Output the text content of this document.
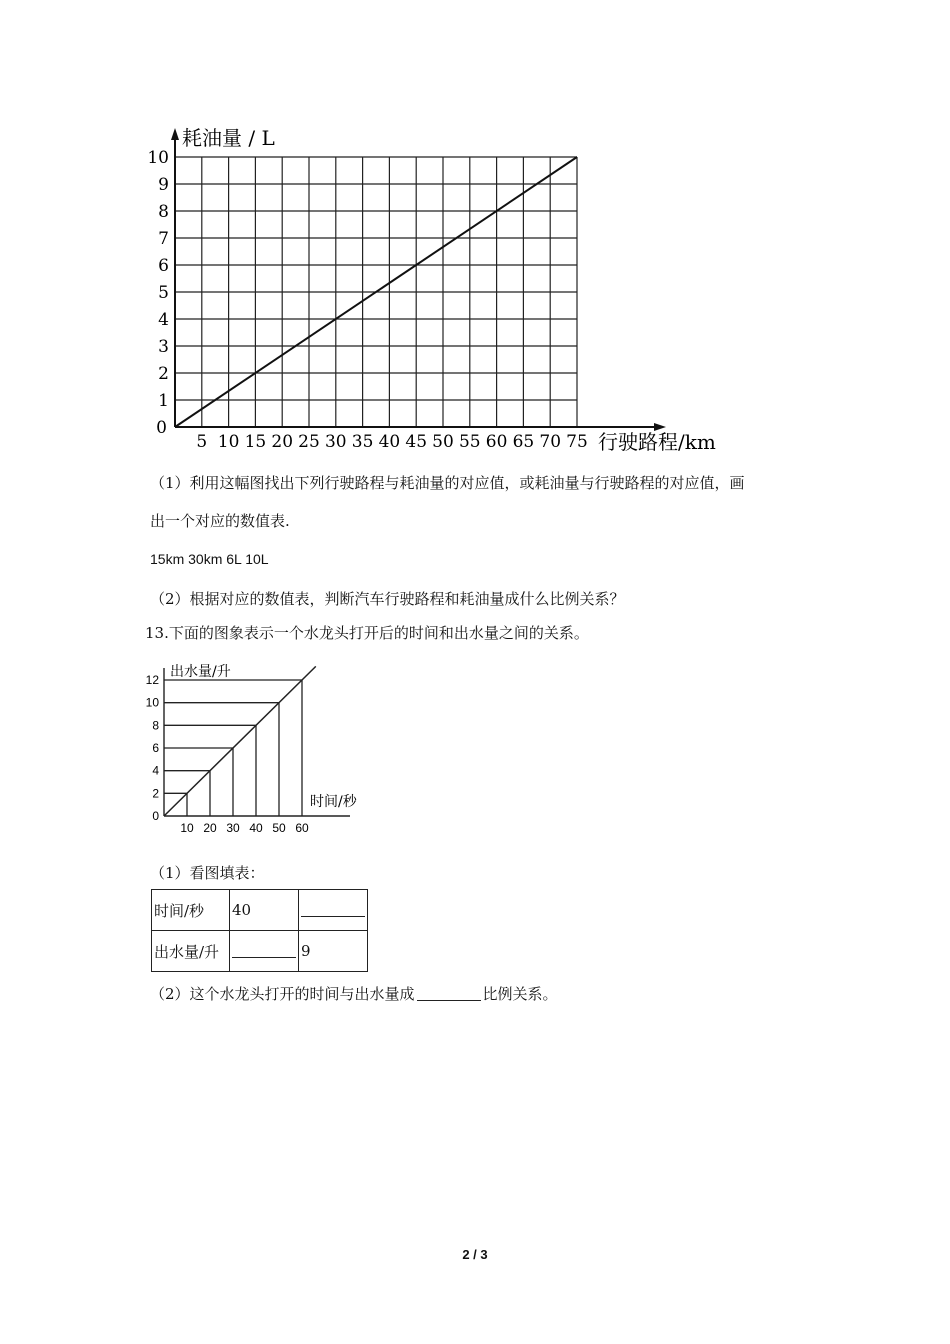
5 10 15 20 25 30 35 40 45 50 55 60 65 70 75
1
2
3
4
5
6
7
8
9
10
0
耗油量 / L
行驶路程/km
10 20 30 40 50 60
2
4
6
8
10
12
0
出水量/升
时间/秒
（1）利用这幅图找出下列行驶路程与耗油量的对应值，或耗油量与行驶路程的对应值，画
出一个对应的数值表.
15km 30km 6L 10L
（2）根据对应的数值表，判断汽车行驶路程和耗油量成什么比例关系？
13.下面的图象表示一个水龙头打开后的时间和出水量之间的关系。
（1）看图填表：
时间/秒	40	
出水量/升		9
（2）这个水龙头打开的时间与出水量成	比例关系。
2 / 3
